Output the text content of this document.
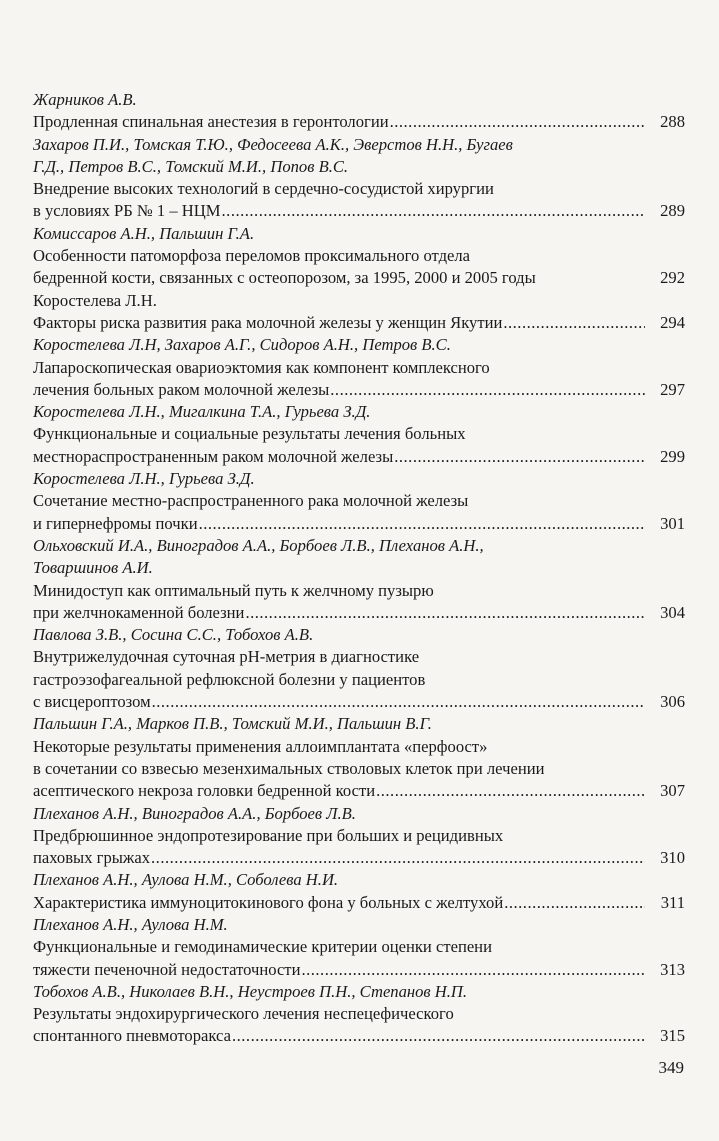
Жарников А.В.
Продленная спинальная анестезия в геронтологии .....	288
Захаров П.И., Томская Т.Ю., Федосеева А.К., Эверстов Н.Н., Бугаев
Г.Д., Петров В.С., Томский М.И., Попов В.С.
Внедрение высоких технологий в сердечно-сосудистой хирургии
в условиях РБ № 1 – НЦМ .....	289
Комиссаров А.Н., Пальшин Г.А.
Особенности патоморфоза переломов проксимального отдела
бедренной кости, связанных с остеопорозом, за 1995, 2000 и 2005 годы	292
Коростелева Л.Н.
Факторы риска развития рака молочной железы у женщин Якутии .....	294
Коростелева Л.Н, Захаров А.Г., Сидоров А.Н., Петров В.С.
Лапароскопическая овариоэктомия как компонент комплексного
лечения больных раком молочной железы .....	297
Коростелева Л.Н., Мигалкина Т.А., Гурьева З.Д.
Функциональные и социальные результаты лечения больных
местнораспространенным раком молочной железы .....	299
Коростелева Л.Н., Гурьева З.Д.
Сочетание местно-распространенного рака молочной железы
и гипернефромы почки .....	301
Ольховский И.А., Виноградов А.А., Борбоев Л.В., Плеханов А.Н.,
Товаршинов А.И.
Минидоступ как оптимальный путь к желчному пузырю
при желчнокаменной болезни .....	304
Павлова З.В., Сосина С.С., Тобохов А.В.
Внутрижелудочная суточная рН-метрия в диагностике
гастроэзофагеальной рефлюксной болезни у пациентов
с висцероптозом .....	306
Пальшин Г.А., Марков П.В., Томский М.И., Пальшин В.Г.
Некоторые результаты применения аллоимплантата «перфоост»
в сочетании со взвесью мезенхимальных стволовых клеток при лечении
асептического некроза головки бедренной кости .....	307
Плеханов А.Н., Виноградов А.А., Борбоев Л.В.
Предбрюшинное эндопротезирование при больших и рецидивных
паховых грыжах .....	310
Плеханов А.Н., Аулова Н.М., Соболева Н.И.
Характеристика иммуноцитокинового фона у больных с желтухой .....	311
Плеханов А.Н., Аулова Н.М.
Функциональные и гемодинамические критерии оценки степени
тяжести печеночной недостаточности .....	313
Тобохов А.В., Николаев В.Н., Неустроев П.Н., Степанов Н.П.
Результаты эндохирургического лечения неспецефического
спонтанного пневмоторакса .....	315
349
